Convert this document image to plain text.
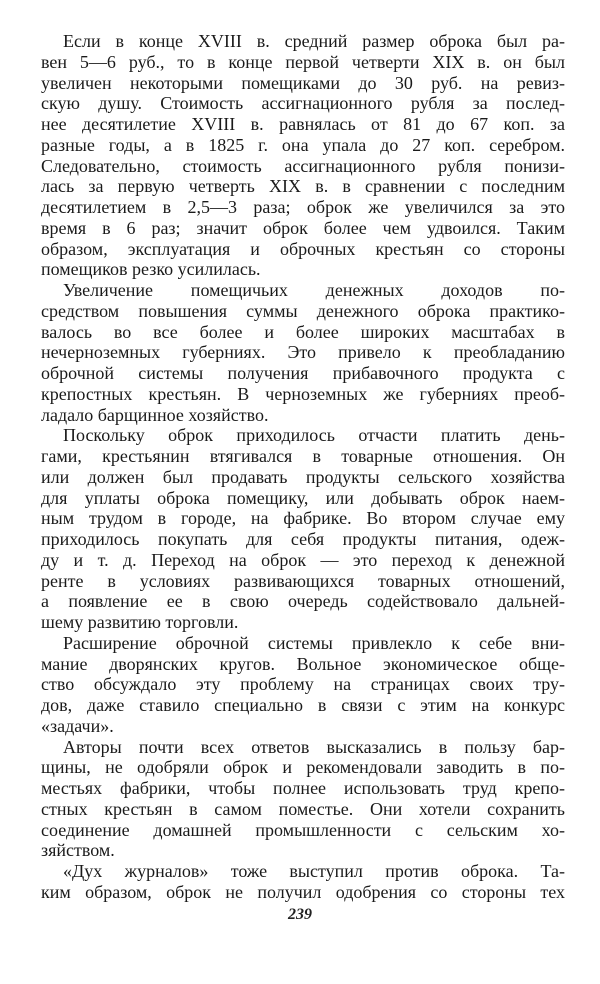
Если в конце XVIII в. средний размер оброка был ра-
вен 5—6 руб., то в конце первой четверти XIX в. он был
увеличен некоторыми помещиками до 30 руб. на ревиз-
скую душу. Стоимость ассигнационного рубля за послед-
нее десятилетие XVIII в. равнялась от 81 до 67 коп. за
разные годы, а в 1825 г. она упала до 27 коп. серебром.
Следовательно, стоимость ассигнационного рубля понизи-
лась за первую четверть XIX в. в сравнении с последним
десятилетием в 2,5—3 раза; оброк же увеличился за это
время в 6 раз; значит оброк более чем удвоился. Таким
образом, эксплуатация и оброчных крестьян со стороны
помещиков резко усилилась.
Увеличение помещичьих денежных доходов по-
средством повышения суммы денежного оброка практико-
валось во все более и более широких масштабах в
нечерноземных губерниях. Это привело к преобладанию
оброчной системы получения прибавочного продукта с
крепостных крестьян. В черноземных же губерниях преоб-
ладало барщинное хозяйство.
Поскольку оброк приходилось отчасти платить день-
гами, крестьянин втягивался в товарные отношения. Он
или должен был продавать продукты сельского хозяйства
для уплаты оброка помещику, или добывать оброк наем-
ным трудом в городе, на фабрике. Во втором случае ему
приходилось покупать для себя продукты питания, одеж-
ду и т. д. Переход на оброк — это переход к денежной
ренте в условиях развивающихся товарных отношений,
а появление ее в свою очередь содействовало дальней-
шему развитию торговли.
Расширение оброчной системы привлекло к себе вни-
мание дворянских кругов. Вольное экономическое обще-
ство обсуждало эту проблему на страницах своих тру-
дов, даже ставило специально в связи с этим на конкурс
«задачи».
Авторы почти всех ответов высказались в пользу бар-
щины, не одобряли оброк и рекомендовали заводить в по-
местьях фабрики, чтобы полнее использовать труд крепо-
стных крестьян в самом поместье. Они хотели сохранить
соединение домашней промышленности с сельским хо-
зяйством.
«Дух журналов» тоже выступил против оброка. Та-
ким образом, оброк не получил одобрения со стороны тех
239
